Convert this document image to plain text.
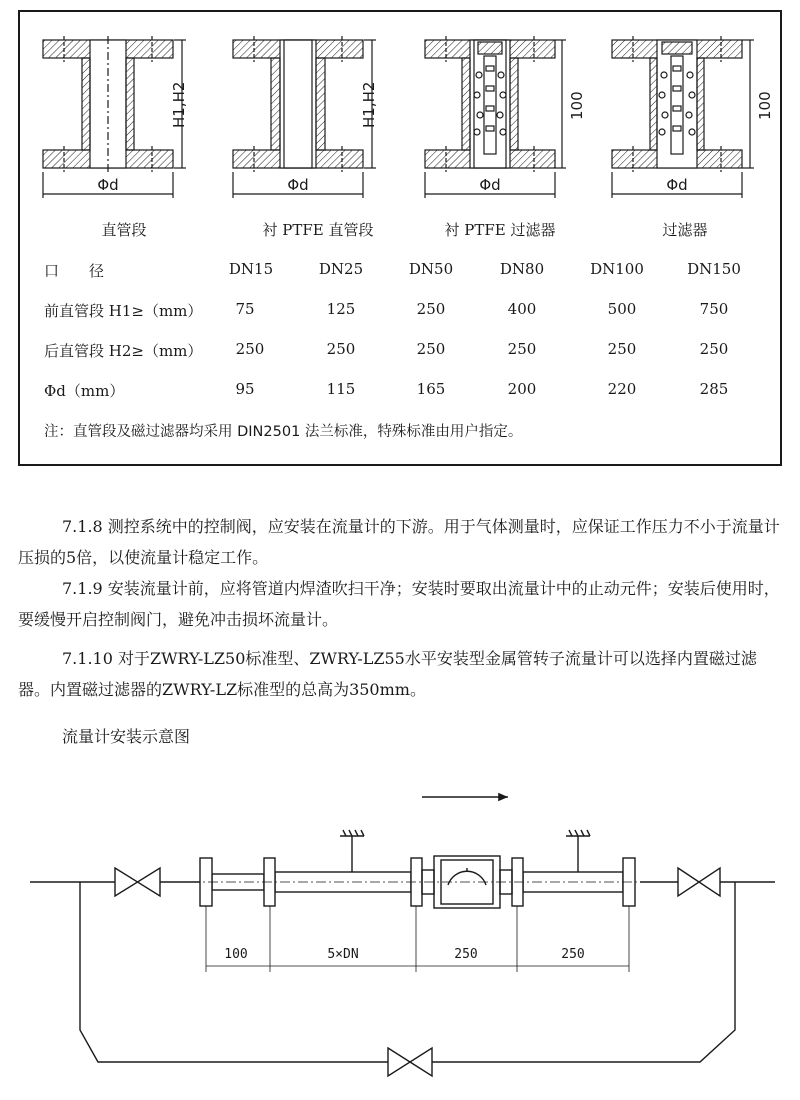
直管段	衬 PTFE 直管段	衬 PTFE 过滤器	过滤器
H1,H2	H1,H2	100	100
Φd	Φd	Φd	Φd
口　　径	DN15	DN25	DN50	DN80	DN100	DN150
前直管段 H1≥（mm） 75	125	250	400	500	750
后直管段 H2≥（mm） 250	250	250	250	250	250
Φd（mm）	95	115	165	200	220	285
注：直管段及磁过滤器均采用 DIN2501 法兰标准，特殊标准由用户指定。
7.1.8 测控系统中的控制阀，应安装在流量计的下游。用于气体测量时，应保证工作压力不小于流量计压损的5倍，以使流量计稳定工作。
7.1.9 安装流量计前，应将管道内焊渣吹扫干净；安装时要取出流量计中的止动元件；安装后使用时，要缓慢开启控制阀门，避免冲击损坏流量计。
7.1.10 对于ZWRY-LZ50标准型、ZWRY-LZ55水平安装型金属管转子流量计可以选择内置磁过滤器。内置磁过滤器的ZWRY-LZ标准型的总高为350mm。
流量计安装示意图
100	5×DN	250	250
